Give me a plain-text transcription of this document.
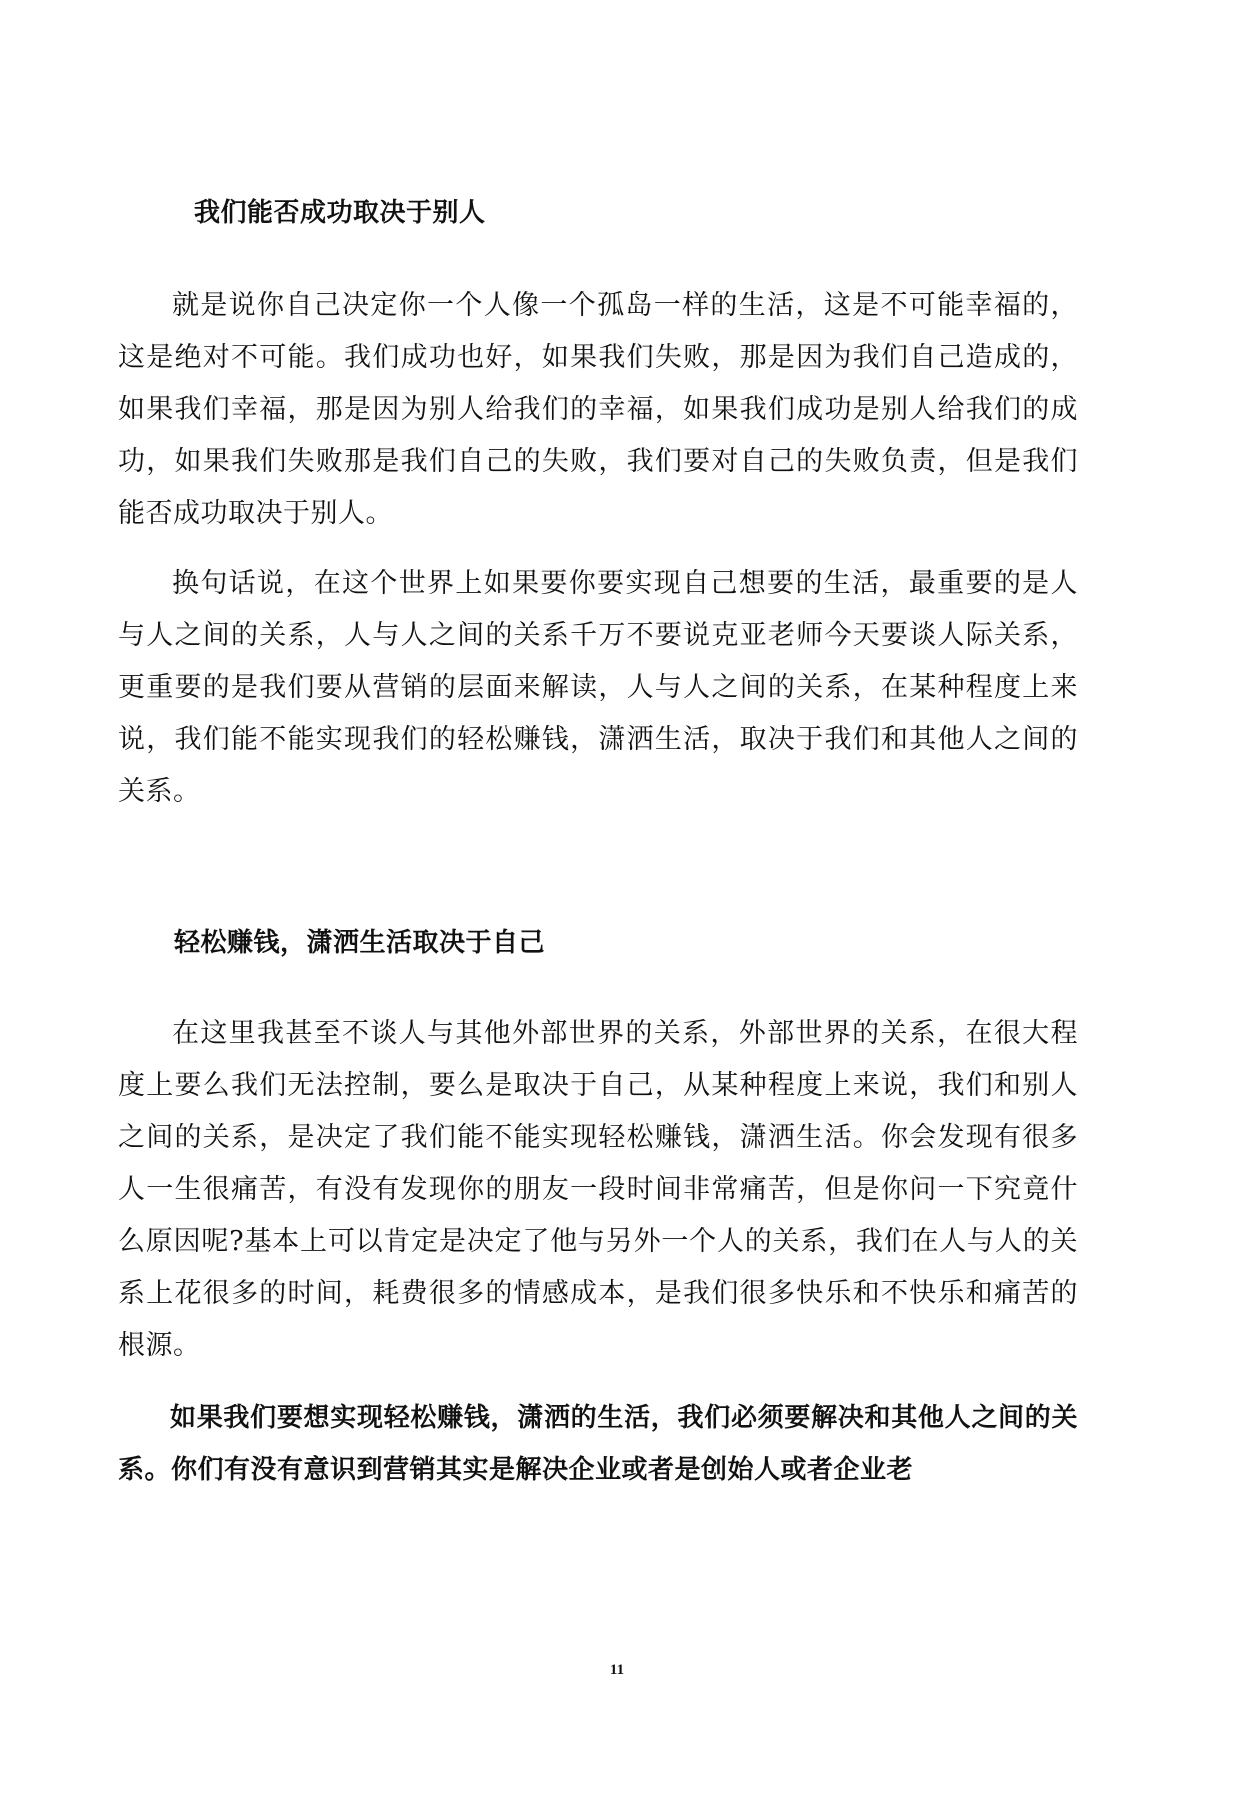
我们能否成功取决于别人

就是说你自己决定你一个人像一个孤岛一样的生活，这是不可能幸福的，这是绝对不可能。我们成功也好，如果我们失败，那是因为我们自己造成的，如果我们幸福，那是因为别人给我们的幸福，如果我们成功是别人给我们的成功，如果我们失败那是我们自己的失败，我们要对自己的失败负责，但是我们能否成功取决于别人。

换句话说，在这个世界上如果要你要实现自己想要的生活，最重要的是人与人之间的关系，人与人之间的关系千万不要说克亚老师今天要谈人际关系，更重要的是我们要从营销的层面来解读，人与人之间的关系，在某种程度上来说，我们能不能实现我们的轻松赚钱，潇洒生活，取决于我们和其他人之间的关系。

轻松赚钱，潇洒生活取决于自己

在这里我甚至不谈人与其他外部世界的关系，外部世界的关系，在很大程度上要么我们无法控制，要么是取决于自己，从某种程度上来说，我们和别人之间的关系，是决定了我们能不能实现轻松赚钱，潇洒生活。你会发现有很多人一生很痛苦，有没有发现你的朋友一段时间非常痛苦，但是你问一下究竟什么原因呢?基本上可以肯定是决定了他与另外一个人的关系，我们在人与人的关系上花很多的时间，耗费很多的情感成本，是我们很多快乐和不快乐和痛苦的根源。

如果我们要想实现轻松赚钱，潇洒的生活，我们必须要解决和其他人之间的关系。你们有没有意识到营销其实是解决企业或者是创始人或者企业老

11
